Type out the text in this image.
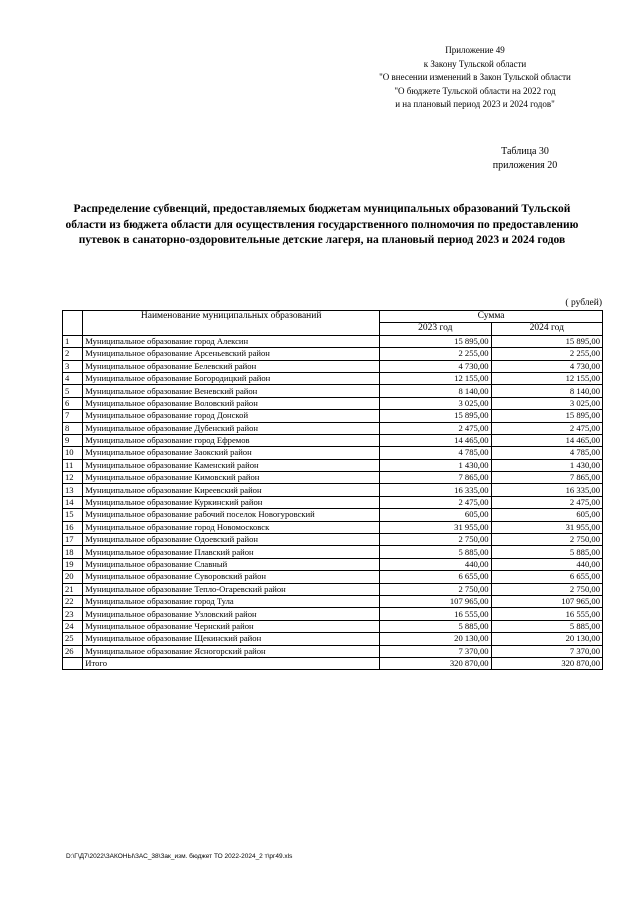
Приложение 49
к Закону Тульской области
"О внесении изменений в Закон Тульской области
"О бюджете Тульской области на 2022 год
и на плановый период 2023 и 2024 годов"
Таблица 30
приложения 20
Распределение субвенций, предоставляемых бюджетам муниципальных образований Тульской области из бюджета области для осуществления государственного полномочия по предоставлению путевок в санаторно-оздоровительные детские лагеря, на плановый период 2023 и 2024 годов
( рублей)
	Наименование муниципальных образований	Сумма	
		2023 год	2024 год
1	Муниципальное образование город Алексин	15 895,00	15 895,00
2	Муниципальное образование Арсеньевский район	2 255,00	2 255,00
3	Муниципальное образование Белевский район	4 730,00	4 730,00
4	Муниципальное образование Богородицкий район	12 155,00	12 155,00
5	Муниципальное образование Веневский район	8 140,00	8 140,00
6	Муниципальное образование Воловский район	3 025,00	3 025,00
7	Муниципальное образование город Донской	15 895,00	15 895,00
8	Муниципальное образование Дубенский район	2 475,00	2 475,00
9	Муниципальное образование город Ефремов	14 465,00	14 465,00
10	Муниципальное образование Заокский район	4 785,00	4 785,00
11	Муниципальное образование Каменский район	1 430,00	1 430,00
12	Муниципальное образование Кимовский район	7 865,00	7 865,00
13	Муниципальное образование Киреевский район	16 335,00	16 335,00
14	Муниципальное образование Куркинский район	2 475,00	2 475,00
15	Муниципальное образование рабочий поселок Новогуровский	605,00	605,00
16	Муниципальное образование город Новомосковск	31 955,00	31 955,00
17	Муниципальное образование Одоевский район	2 750,00	2 750,00
18	Муниципальное образование Плавский район	5 885,00	5 885,00
19	Муниципальное образование Славный	440,00	440,00
20	Муниципальное образование Суворовский район	6 655,00	6 655,00
21	Муниципальное образование Тепло-Огаревский район	2 750,00	2 750,00
22	Муниципальное образование город Тула	107 965,00	107 965,00
23	Муниципальное образование Узловский район	16 555,00	16 555,00
24	Муниципальное образование Чернский район	5 885,00	5 885,00
25	Муниципальное образование Щекинский район	20 130,00	20 130,00
26	Муниципальное образование Ясногорский район	7 370,00	7 370,00
	Итого	320 870,00	320 870,00
D:\Г\Д7\2022\ЗАКОНЫ\ЗАС_38\Зак_изм. бюджет ТО 2022-2024_2 т\рг49.xls
